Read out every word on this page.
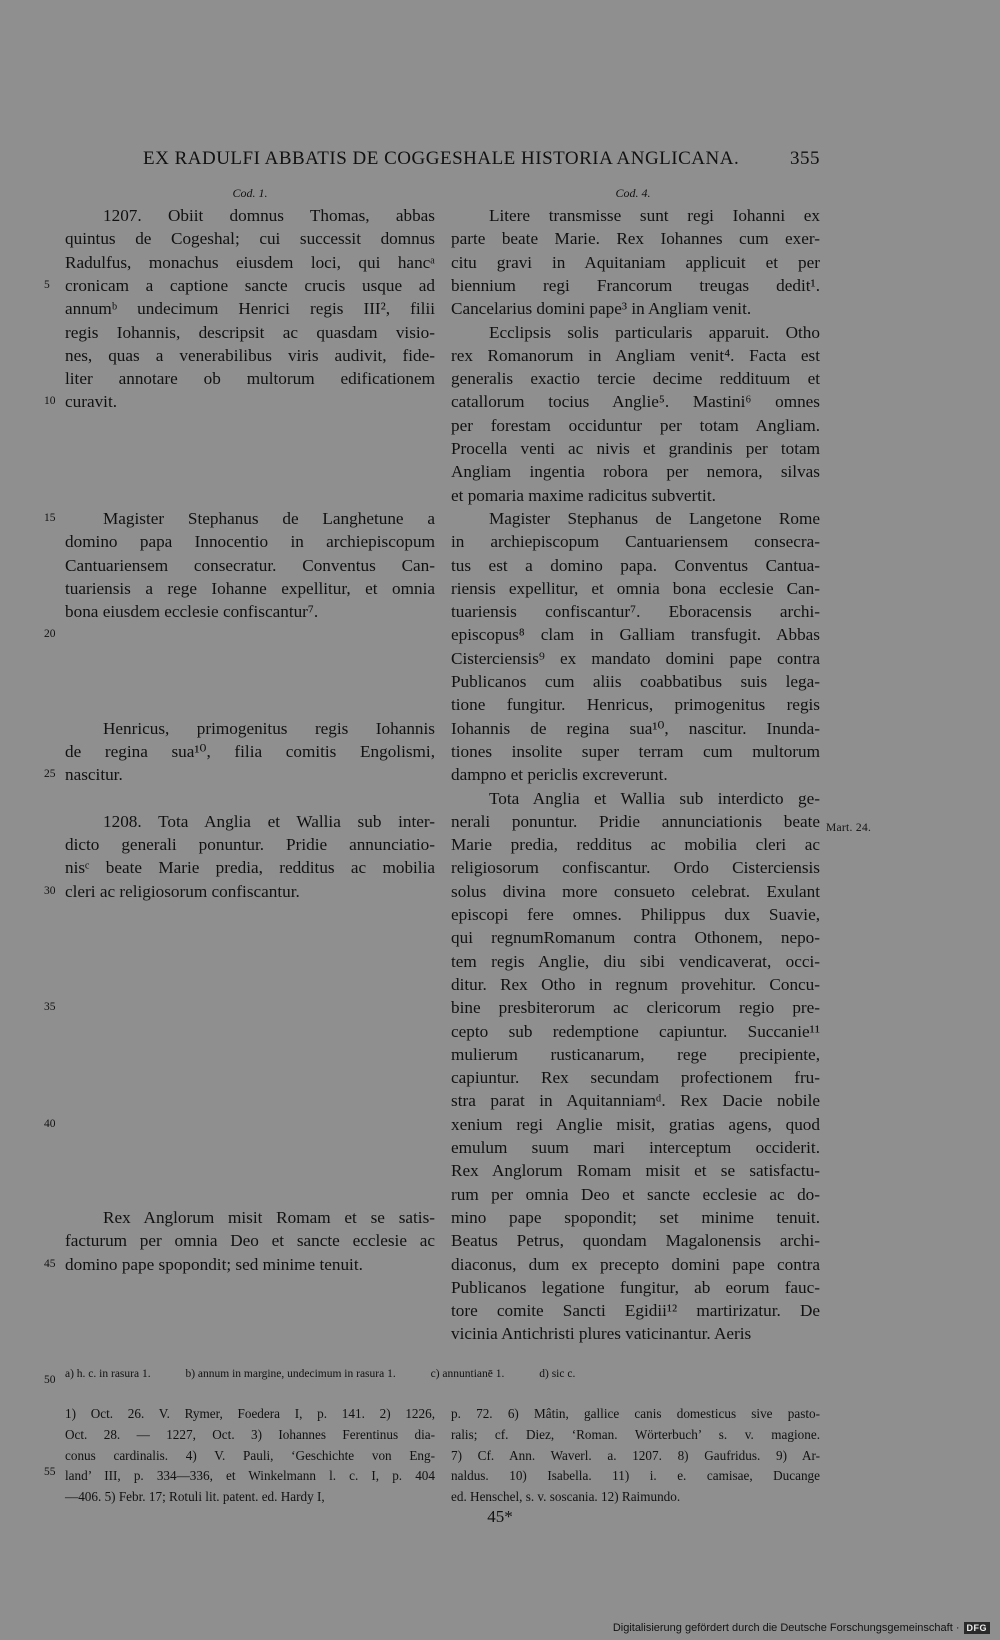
EX RADULFI ABBATIS DE COGGESHALE HISTORIA ANGLICANA.	355
Cod. 1.	Cod. 4.
1207. Obiit domnus Thomas, abbas
quintus de Cogeshal; cui successit domnus
Radulfus, monachus eiusdem loci, qui hancᵃ
cronicam a captione sancte crucis usque ad
annumᵇ undecimum Henrici regis III², filii
regis Iohannis, descripsit ac quasdam visio-
nes, quas a venerabilibus viris audivit, fide-
liter annotare ob multorum edificationem
curavit.
Magister Stephanus de Langhetune a
domino papa Innocentio in archiepiscopum
Cantuariensem consecratur. Conventus Can-
tuariensis a rege Iohanne expellitur, et omnia
bona eiusdem ecclesie confiscantur⁷.
Henricus, primogenitus regis Iohannis
de regina sua¹⁰, filia comitis Engolismi,
nascitur.
1208. Tota Anglia et Wallia sub inter-
dicto generali ponuntur. Pridie annunciatio-
nisᶜ beate Marie predia, redditus ac mobilia
cleri ac religiosorum confiscantur.
Rex Anglorum misit Romam et se satis-
facturum per omnia Deo et sancte ecclesie ac
domino pape spopondit; sed minime tenuit.
5
10
15
20
25
30
35
40
45
50
Litere transmisse sunt regi Iohanni ex
parte beate Marie. Rex Iohannes cum exer-
citu gravi in Aquitaniam applicuit et per
biennium regi Francorum treugas dedit¹.
Cancelarius domini pape³ in Angliam venit.
Ecclipsis solis particularis apparuit. Otho
rex Romanorum in Angliam venit⁴. Facta est
generalis exactio tercie decime reddituum et
catallorum tocius Anglie⁵. Mastini⁶ omnes
per forestam occiduntur per totam Angliam.
Procella venti ac nivis et grandinis per totam
Angliam ingentia robora per nemora, silvas
et pomaria maxime radicitus subvertit.
Magister Stephanus de Langetone Rome
in archiepiscopum Cantuariensem consecra-
tus est a domino papa. Conventus Cantua-
riensis expellitur, et omnia bona ecclesie Can-
tuariensis confiscantur⁷. Eboracensis archi-
episcopus⁸ clam in Galliam transfugit. Abbas
Cisterciensis⁹ ex mandato domini pape contra
Publicanos cum aliis coabbatibus suis lega-
tione fungitur. Henricus, primogenitus regis
Iohannis de regina sua¹⁰, nascitur. Inunda-
tiones insolite super terram cum multorum
dampno et periclis excreverunt.
Tota Anglia et Wallia sub interdicto ge-
nerali ponuntur. Pridie annunciationis beate
Marie predia, redditus ac mobilia cleri ac
religiosorum confiscantur. Ordo Cisterciensis
solus divina more consueto celebrat. Exulant
episcopi fere omnes. Philippus dux Suavie,
qui regnumRomanum contra Othonem, nepo-
tem regis Anglie, diu sibi vendicaverat, occi-
ditur. Rex Otho in regnum provehitur. Concu-
bine presbiterorum ac clericorum regio pre-
cepto sub redemptione capiuntur. Succanie¹¹
mulierum rusticanarum, rege precipiente,
capiuntur. Rex secundam profectionem fru-
stra parat in Aquitanniamᵈ. Rex Dacie nobile
xenium regi Anglie misit, gratias agens, quod
emulum suum mari interceptum occiderit.
Rex Anglorum Romam misit et se satisfactu-
rum per omnia Deo et sancte ecclesie ac do-
mino pape spopondit; set minime tenuit.
Beatus Petrus, quondam Magalonensis archi-
diaconus, dum ex precepto domini pape contra
Publicanos legatione fungitur, ab eorum fauc-
tore comite Sancti Egidii¹² martirizatur. De
vicinia Antichristi plures vaticinantur. Aeris
Mart. 24.
a) h. c. in rasura 1.	b) annum in margine, undecimum in rasura 1.	c) annuntianē 1.	d) sic c.
1) Oct. 26. V. Rymer, Foedera I, p. 141. 2) 1226,
Oct. 28. — 1227, Oct. 3) Iohannes Ferentinus dia-
conus cardinalis. 4) V. Pauli, ‘Geschichte von Eng-
land’ III, p. 334—336, et Winkelmann l. c. I, p. 404
—406. 5) Febr. 17; Rotuli lit. patent. ed. Hardy I,
55
p. 72. 6) Mâtin, gallice canis domesticus sive pasto-
ralis; cf. Diez, ‘Roman. Wörterbuch’ s. v. magione.
7) Cf. Ann. Waverl. a. 1207. 8) Gaufridus. 9) Ar-
naldus. 10) Isabella. 11) i. e. camisae, Ducange
ed. Henschel, s. v. soscania. 12) Raimundo.
45*
Digitalisierung gefördert durch die Deutsche Forschungsgemeinschaft · DFG
